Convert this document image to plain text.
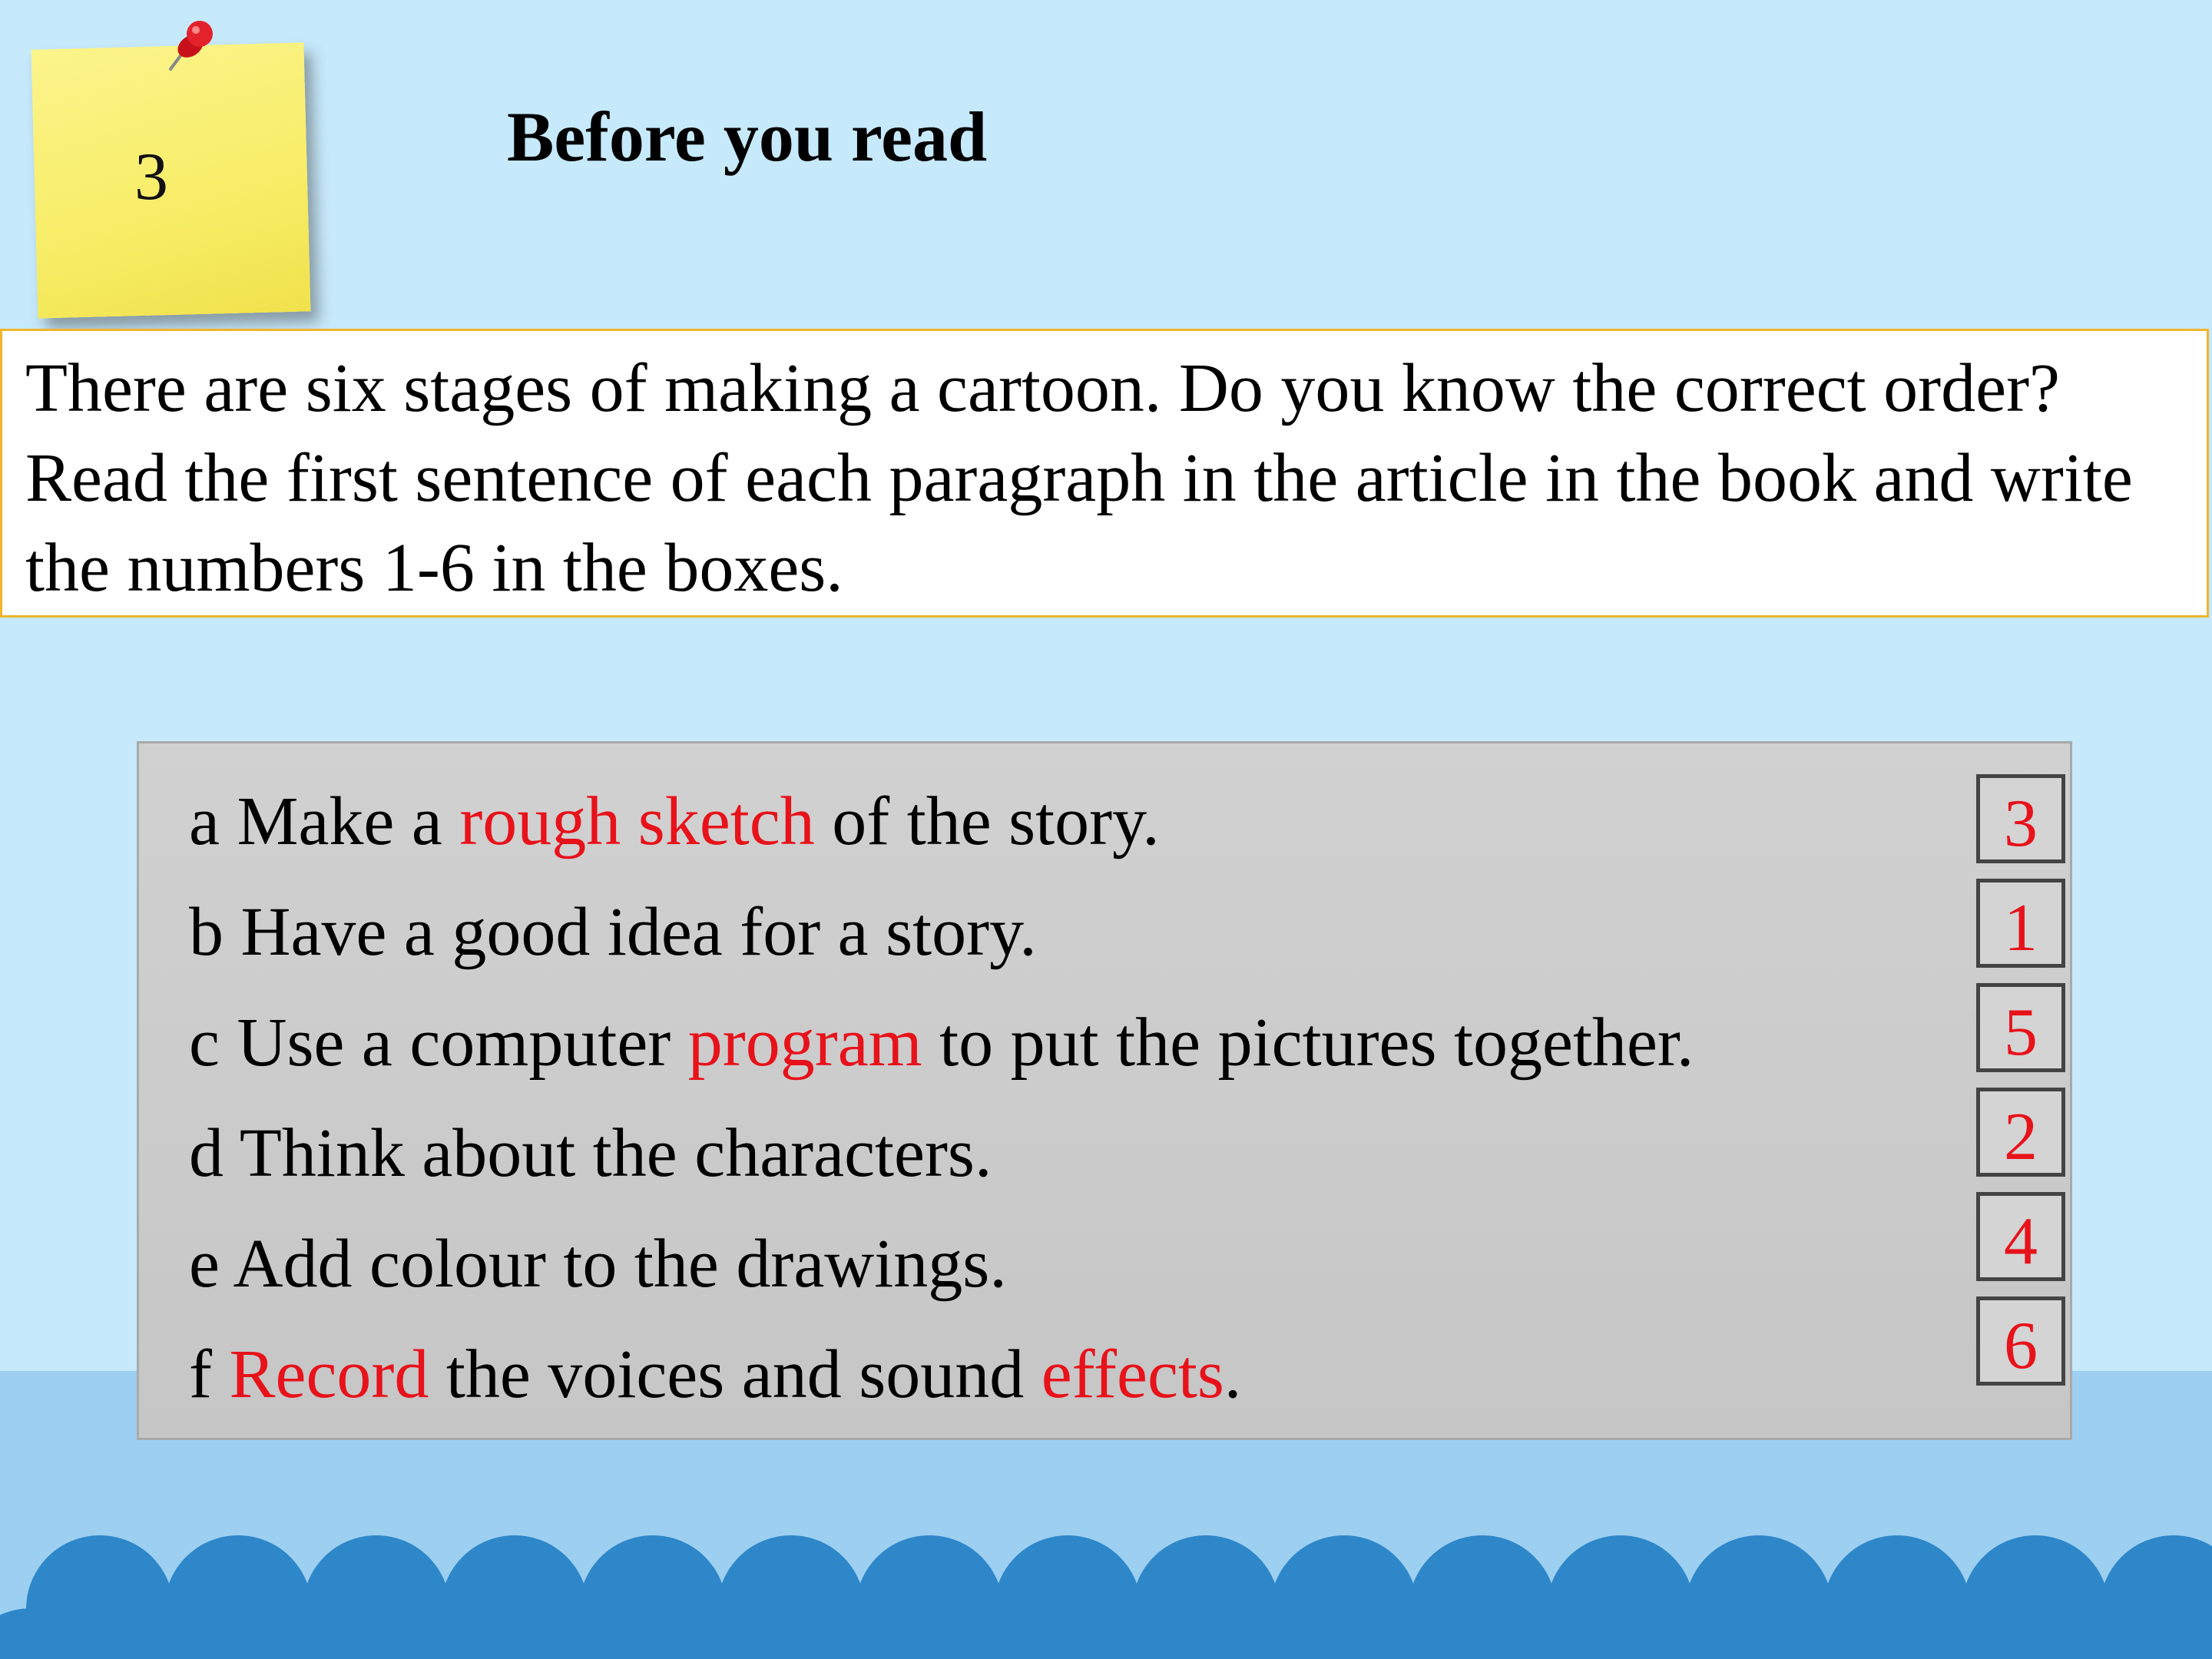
3
Before you read
There are six stages of making a cartoon. Do you know the correct order? Read the first sentence of each paragraph in the article in the book and write the numbers 1-6 in the boxes.
a Make a rough sketch of the story.	3
b Have a good idea for a story.	1
c Use a computer program to put the pictures together.	5
d Think about the characters.	2
e Add colour to the drawings.	4
f Record the voices and sound effects.	6
